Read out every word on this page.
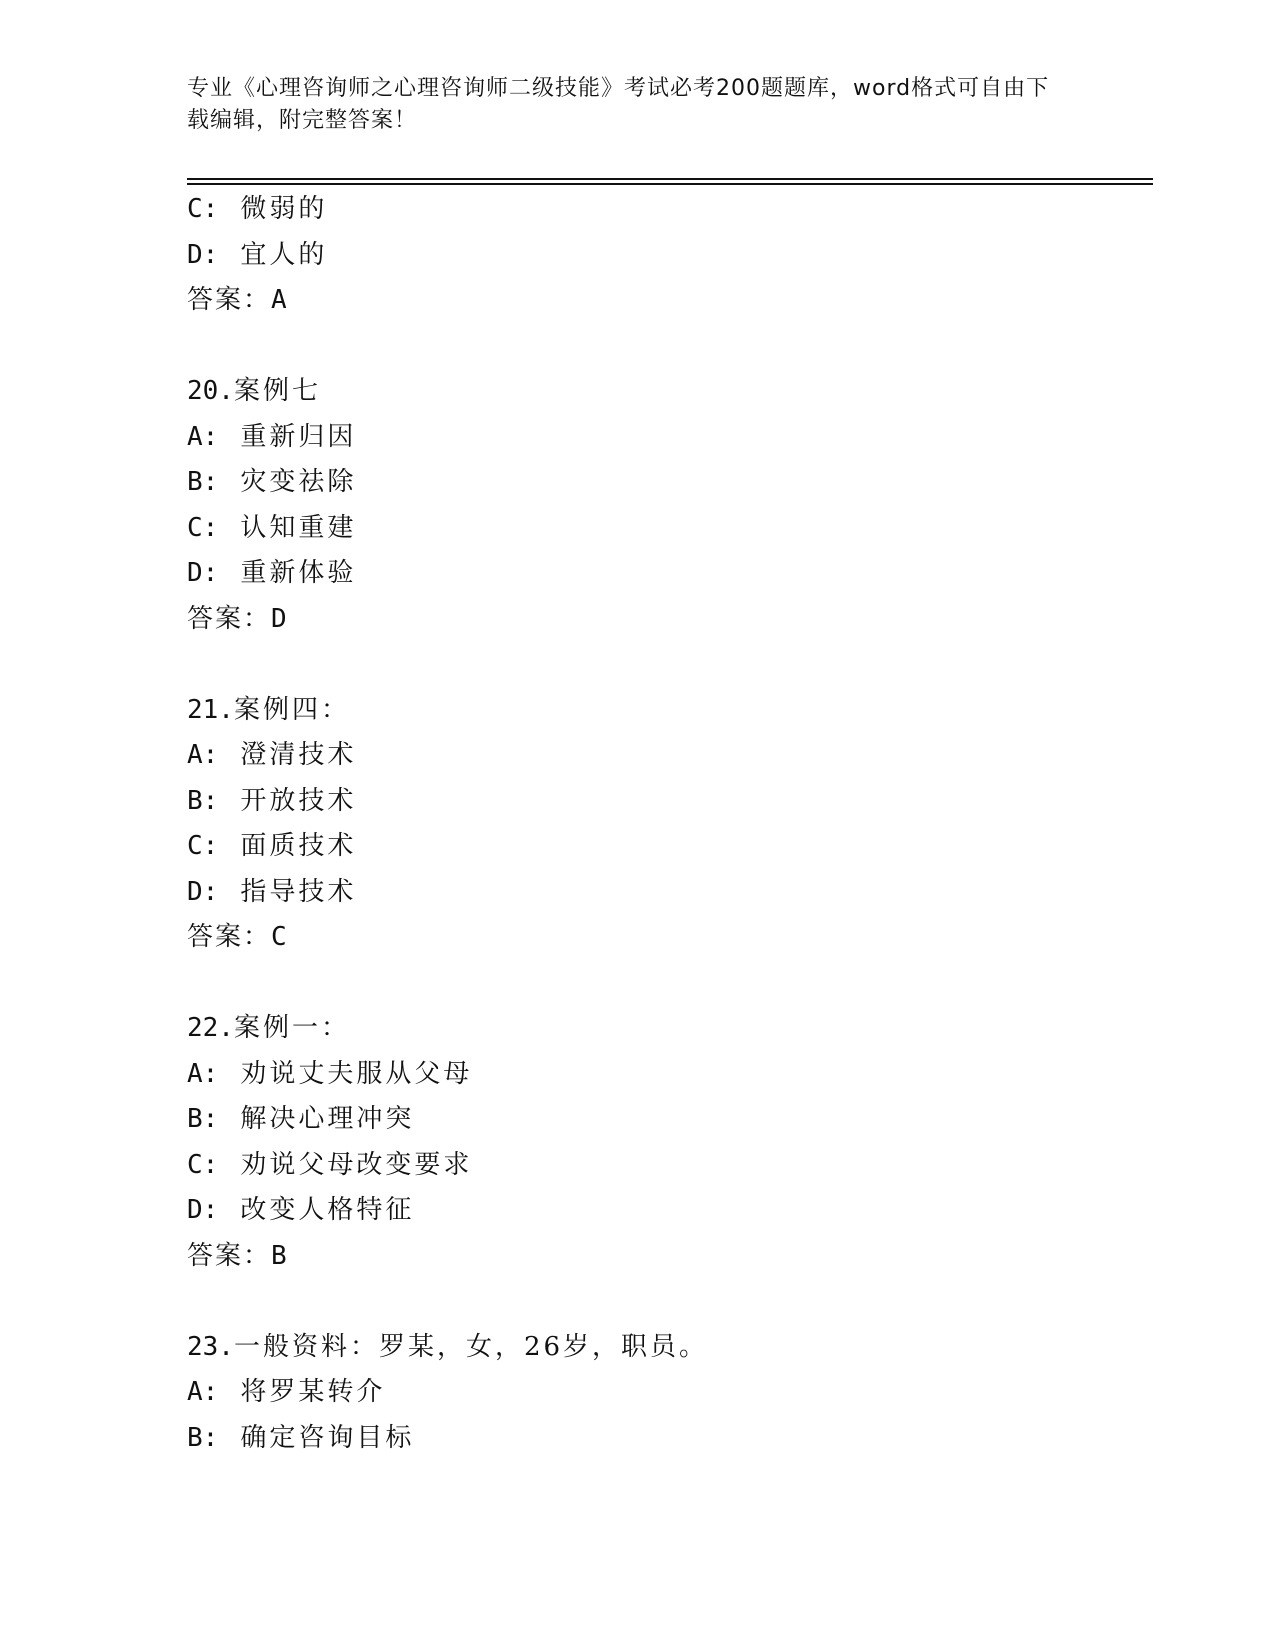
专业《心理咨询师之心理咨询师二级技能》考试必考200题题库，word格式可自由下载编辑，附完整答案！

C: 微弱的

D: 宜人的

答案：A

20.案例七

A: 重新归因

B: 灾变祛除

C: 认知重建

D: 重新体验

答案：D

21.案例四：

A: 澄清技术

B: 开放技术

C: 面质技术

D: 指导技术

答案：C

22.案例一：

A: 劝说丈夫服从父母

B: 解决心理冲突

C: 劝说父母改变要求

D: 改变人格特征

答案：B

23.一般资料：罗某，女，26岁，职员。

A: 将罗某转介

B: 确定咨询目标
